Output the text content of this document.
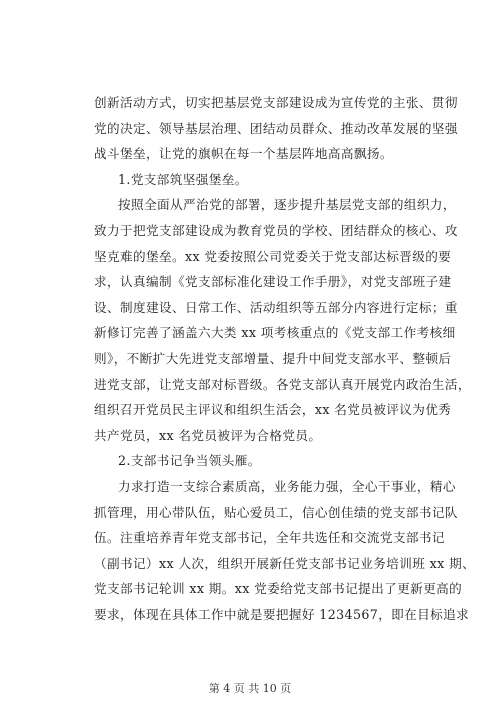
创新活动方式，切实把基层党支部建设成为宣传党的主张、贯彻
党的决定、领导基层治理、团结动员群众、推动改革发展的坚强
战斗堡垒，让党的旗帜在每一个基层阵地高高飘扬。
1.党支部筑坚强堡垒。
按照全面从严治党的部署，逐步提升基层党支部的组织力，
致力于把党支部建设成为教育党员的学校、团结群众的核心、攻
坚克难的堡垒。xx 党委按照公司党委关于党支部达标晋级的要
求，认真编制《党支部标准化建设工作手册》，对党支部班子建
设、制度建设、日常工作、活动组织等五部分内容进行定标；重
新修订完善了涵盖六大类 xx 项考核重点的《党支部工作考核细
则》，不断扩大先进党支部增量、提升中间党支部水平、整顿后
进党支部，让党支部对标晋级。各党支部认真开展党内政治生活，
组织召开党员民主评议和组织生活会，xx 名党员被评议为优秀
共产党员，xx 名党员被评为合格党员。
2.支部书记争当领头雁。
力求打造一支综合素质高，业务能力强，全心干事业，精心
抓管理，用心带队伍，贴心爱员工，信心创佳绩的党支部书记队
伍。注重培养青年党支部书记，全年共选任和交流党支部书记
（副书记）xx 人次，组织开展新任党支部书记业务培训班 xx 期、
党支部书记轮训 xx 期。xx 党委给党支部书记提出了更新更高的
要求，体现在具体工作中就是要把握好 1234567，即在目标追求
第 4 页 共 10 页
